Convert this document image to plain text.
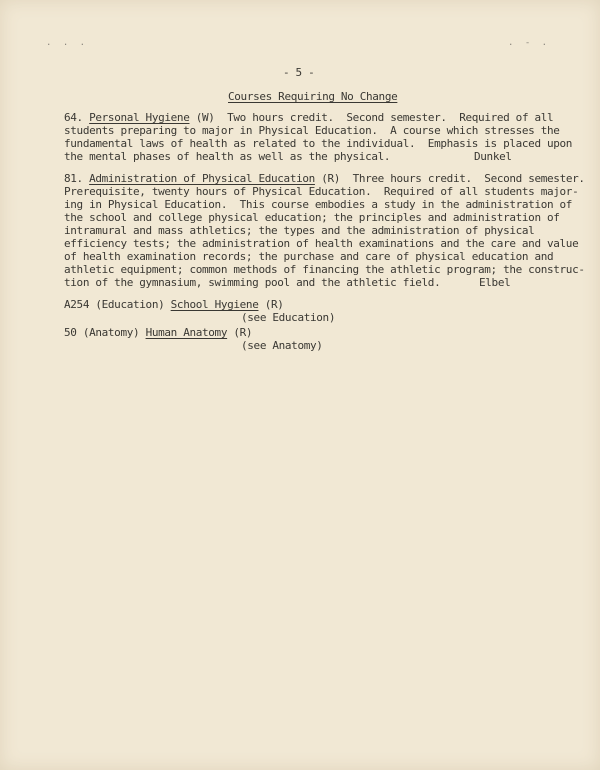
. . .	. - .
- 5 -
Courses Requiring No Change
64. Personal Hygiene (W) Two hours credit.  Second semester.  Required of all
students preparing to major in Physical Education.  A course which stresses the
fundamental laws of health as related to the individual.  Emphasis is placed upon
the mental phases of health as well as the physical.	Dunkel
81. Administration of Physical Education (R) Three hours credit.  Second semester.
Prerequisite, twenty hours of Physical Education.  Required of all students major-
ing in Physical Education.  This course embodies a study in the administration of
the school and college physical education; the principles and administration of
intramural and mass athletics; the types and the administration of physical
efficiency tests; the administration of health examinations and the care and value
of health examination records; the purchase and care of physical education and
athletic equipment; common methods of financing the athletic program; the construc-
tion of the gymnasium, swimming pool and the athletic field.	Elbel
A254 (Education) School Hygiene (R)
(see Education)
50 (Anatomy) Human Anatomy (R)
(see Anatomy)
